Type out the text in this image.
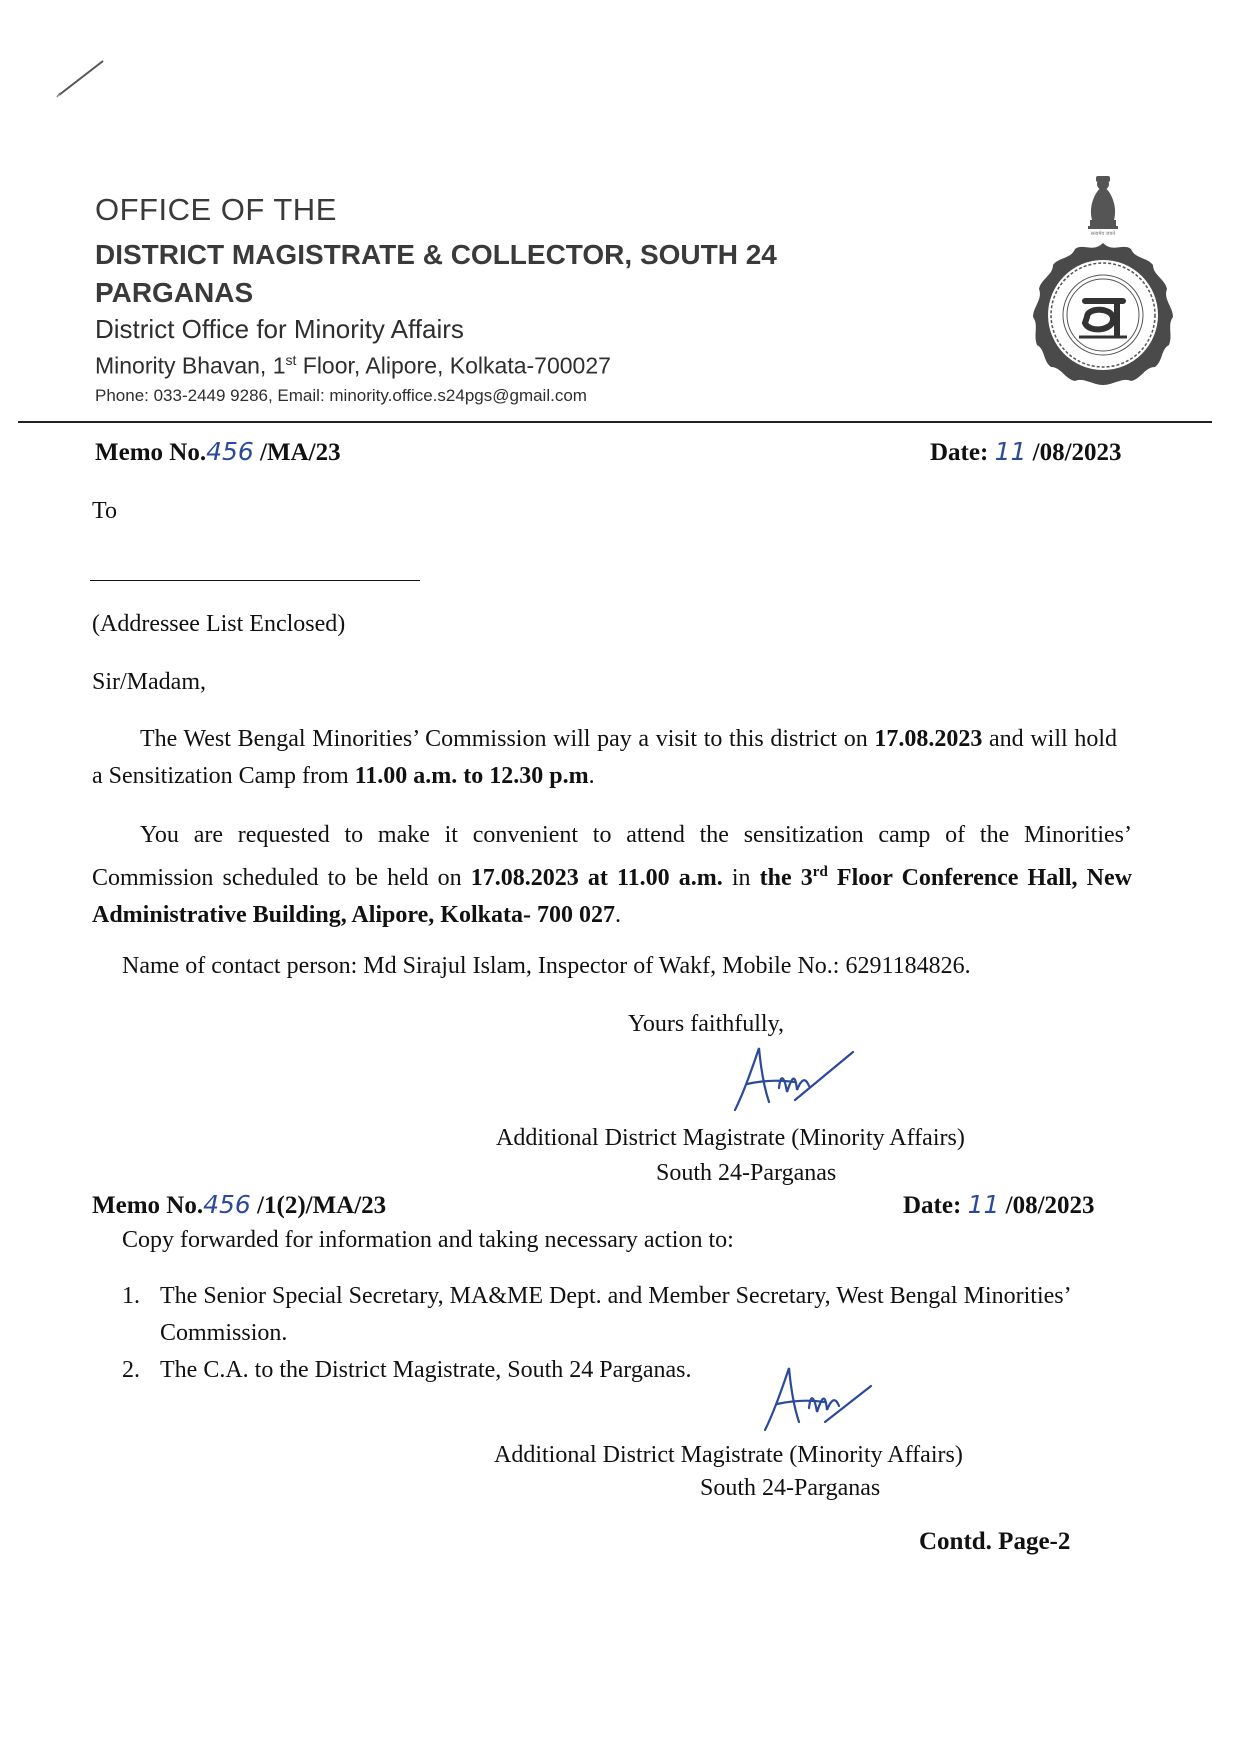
OFFICE OF THE
DISTRICT MAGISTRATE & COLLECTOR, SOUTH 24 PARGANAS
District Office for Minority Affairs
Minority Bhavan, 1st Floor, Alipore, Kolkata-700027
Phone: 033-2449 9286, Email: minority.office.s24pgs@gmail.com
सत्यमेव जयते
Memo No.456 /MA/23	Date: 11 /08/2023
To
(Addressee List Enclosed)
Sir/Madam,
  The West Bengal Minorities’ Commission will pay a visit to this district on 17.08.2023 and will hold a Sensitization Camp from 11.00 a.m. to 12.30 p.m.
  You are requested to make it convenient to attend the sensitization camp of the Minorities’ Commission scheduled to be held on 17.08.2023 at 11.00 a.m. in the 3rd Floor Conference Hall, New Administrative Building, Alipore, Kolkata- 700 027.
Name of contact person: Md Sirajul Islam, Inspector of Wakf, Mobile No.: 6291184826.
Yours faithfully,
Additional District Magistrate (Minority Affairs)
South 24-Parganas
Memo No.456 /1(2)/MA/23	Date: 11 /08/2023
Copy forwarded for information and taking necessary action to:
1. The Senior Special Secretary, MA&ME Dept. and Member Secretary, West Bengal Minorities’ Commission.
2. The C.A. to the District Magistrate, South 24 Parganas.
Additional District Magistrate (Minority Affairs)
South 24-Parganas
Contd. Page-2
